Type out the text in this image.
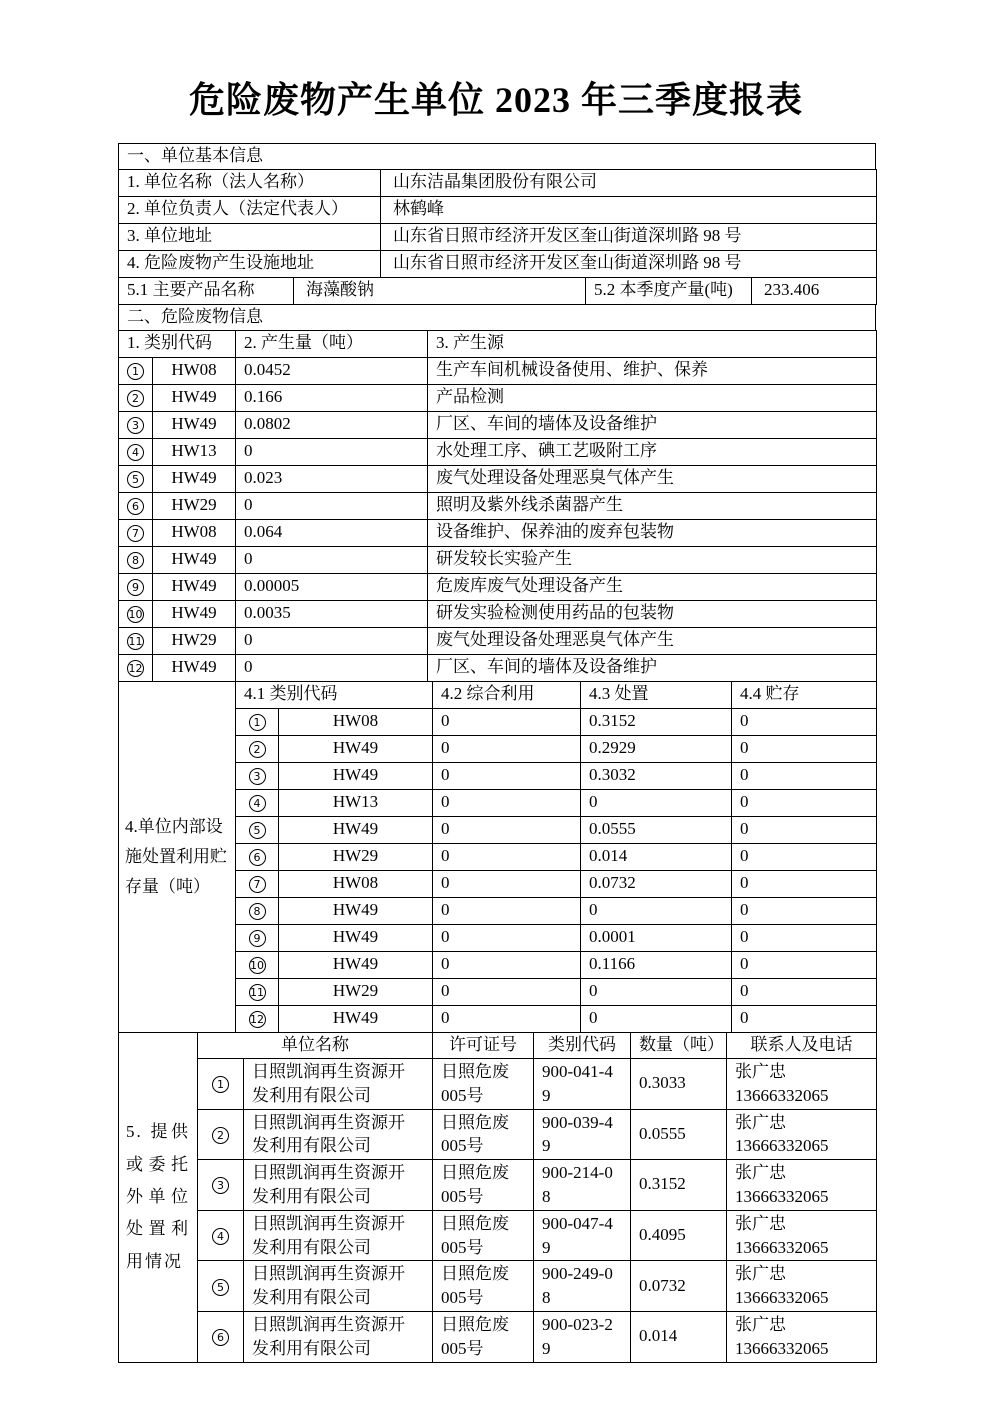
危险废物产生单位 2023 年三季度报表
一、单位基本信息
1. 单位名称（法人名称）	山东洁晶集团股份有限公司
2. 单位负责人（法定代表人）	林鹤峰
3. 单位地址	山东省日照市经济开发区奎山街道深圳路 98 号
4. 危险废物产生设施地址	山东省日照市经济开发区奎山街道深圳路 98 号
5.1 主要产品名称	海藻酸钠	5.2 本季度产量(吨)	233.406
二、危险废物信息
1. 类别代码		2. 产生量（吨）	3. 产生源
1	HW08	0.0452	生产车间机械设备使用、维护、保养
2	HW49	0.166	产品检测
3	HW49	0.0802	厂区、车间的墙体及设备维护
4	HW13	0	水处理工序、碘工艺吸附工序
5	HW49	0.023	废气处理设备处理恶臭气体产生
6	HW29	0	照明及紫外线杀菌器产生
7	HW08	0.064	设备维护、保养油的废弃包装物
8	HW49	0	研发较长实验产生
9	HW49	0.00005	危废库废气处理设备产生
10	HW49	0.0035	研发实验检测使用药品的包装物
11	HW29	0	废气处理设备处理恶臭气体产生
12	HW49	0	厂区、车间的墙体及设备维护
4.单位内部设施处置利用贮存量（吨）	4.1 类别代码		4.2 综合利用	4.3 处置	4.4 贮存
	1	HW08	0	0.3152	0
	2	HW49	0	0.2929	0
	3	HW49	0	0.3032	0
	4	HW13	0	0	0
	5	HW49	0	0.0555	0
	6	HW29	0	0.014	0
	7	HW08	0	0.0732	0
	8	HW49	0	0	0
	9	HW49	0	0.0001	0
	10	HW49	0	0.1166	0
	11	HW29	0	0	0
	12	HW49	0	0	0
5. 提供或委托外单位处置利用情况	单位名称		许可证号	类别代码	数量（吨）	联系人及电话
	1	日照凯润再生资源开发利用有限公司	日照危废005号	900-041-49	0.3033	张广忠
13666332065

	2	日照凯润再生资源开发利用有限公司	日照危废005号	900-039-49	0.0555	张广忠
13666332065

	3	日照凯润再生资源开发利用有限公司	日照危废005号	900-214-08	0.3152	张广忠
13666332065

	4	日照凯润再生资源开发利用有限公司	日照危废005号	900-047-49	0.4095	张广忠
13666332065

	5	日照凯润再生资源开发利用有限公司	日照危废005号	900-249-08	0.0732	张广忠
13666332065

	6	日照凯润再生资源开发利用有限公司	日照危废005号	900-023-29	0.014	张广忠
13666332065
